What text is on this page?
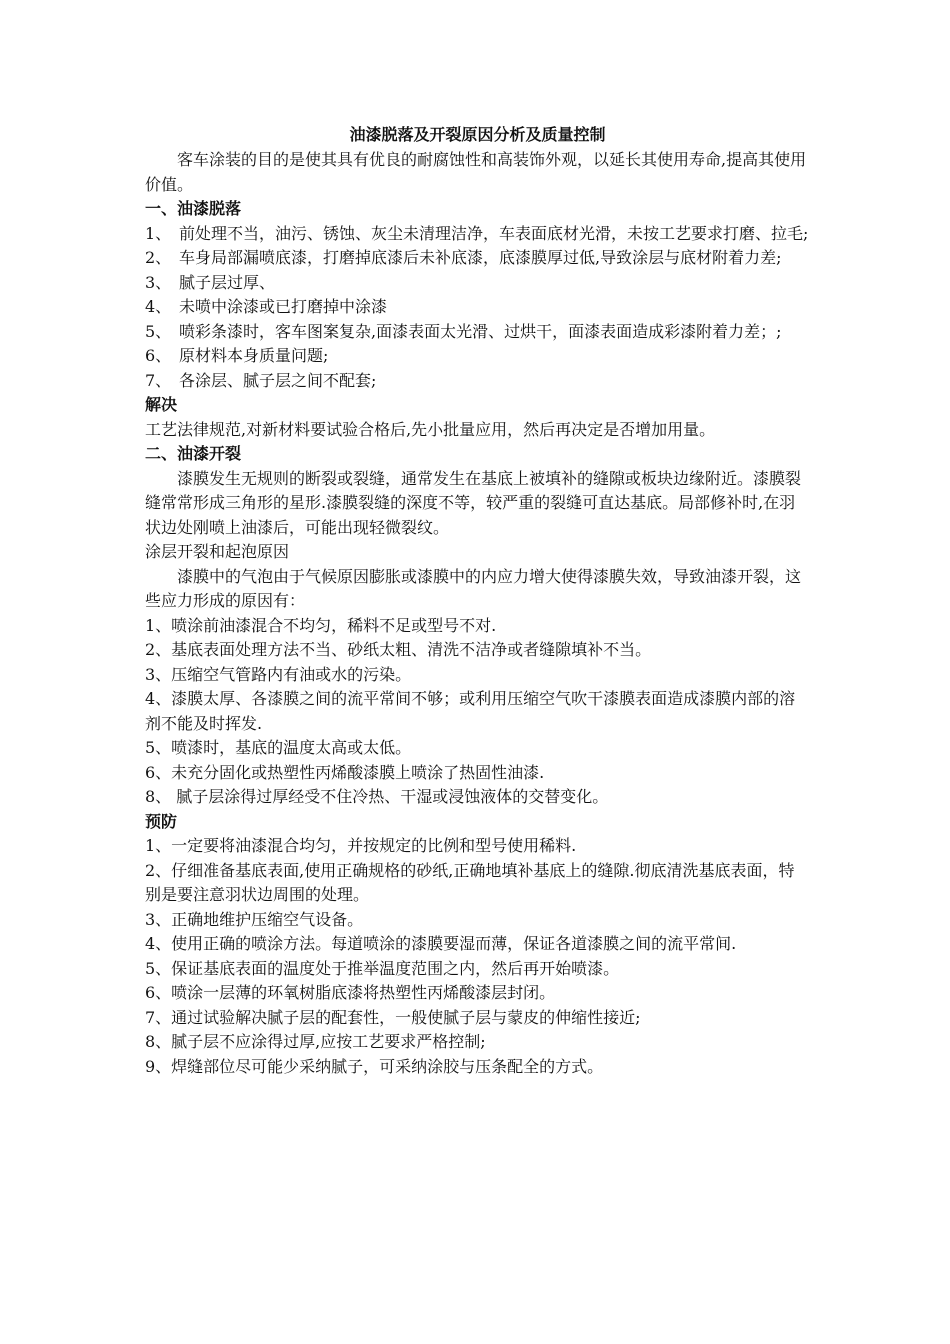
油漆脱落及开裂原因分析及质量控制

客车涂装的目的是使其具有优良的耐腐蚀性和高装饰外观，以延长其使用寿命,提高其使用价值。

一、油漆脱落
1、 前处理不当，油污、锈蚀、灰尘未清理洁净，车表面底材光滑，未按工艺要求打磨、拉毛;
2、 车身局部漏喷底漆，打磨掉底漆后未补底漆，底漆膜厚过低,导致涂层与底材附着力差;
3、 腻子层过厚、
4、 未喷中涂漆或已打磨掉中涂漆
5、 喷彩条漆时，客车图案复杂,面漆表面太光滑、过烘干，面漆表面造成彩漆附着力差；;
6、 原材料本身质量问题;
7、 各涂层、腻子层之间不配套;
解决

工艺法律规范,对新材料要试验合格后,先小批量应用，然后再决定是否增加用量。

二、油漆开裂

漆膜发生无规则的断裂或裂缝，通常发生在基底上被填补的缝隙或板块边缘附近。漆膜裂缝常常形成三角形的星形.漆膜裂缝的深度不等，较严重的裂缝可直达基底。局部修补时,在羽状边处刚喷上油漆后，可能出现轻微裂纹。

涂层开裂和起泡原因

漆膜中的气泡由于气候原因膨胀或漆膜中的内应力增大使得漆膜失效，导致油漆开裂，这些应力形成的原因有：

1、喷涂前油漆混合不均匀，稀料不足或型号不对.

2、基底表面处理方法不当、砂纸太粗、清洗不洁净或者缝隙填补不当。

3、压缩空气管路内有油或水的污染。

4、漆膜太厚、各漆膜之间的流平常间不够；或利用压缩空气吹干漆膜表面造成漆膜内部的溶剂不能及时挥发.

5、喷漆时，基底的温度太高或太低。

6、未充分固化或热塑性丙烯酸漆膜上喷涂了热固性油漆.

8、 腻子层涂得过厚经受不住冷热、干湿或浸蚀液体的交替变化。

预防

1、一定要将油漆混合均匀，并按规定的比例和型号使用稀料.

2、仔细准备基底表面,使用正确规格的砂纸,正确地填补基底上的缝隙.彻底清洗基底表面，特别是要注意羽状边周围的处理。

3、正确地维护压缩空气设备。

4、使用正确的喷涂方法。每道喷涂的漆膜要湿而薄，保证各道漆膜之间的流平常间.

5、保证基底表面的温度处于推举温度范围之内，然后再开始喷漆。

6、喷涂一层薄的环氧树脂底漆将热塑性丙烯酸漆层封闭。

7、通过试验解决腻子层的配套性，一般使腻子层与蒙皮的伸缩性接近;

8、腻子层不应涂得过厚,应按工艺要求严格控制;

9、焊缝部位尽可能少采纳腻子，可采纳涂胶与压条配全的方式。
